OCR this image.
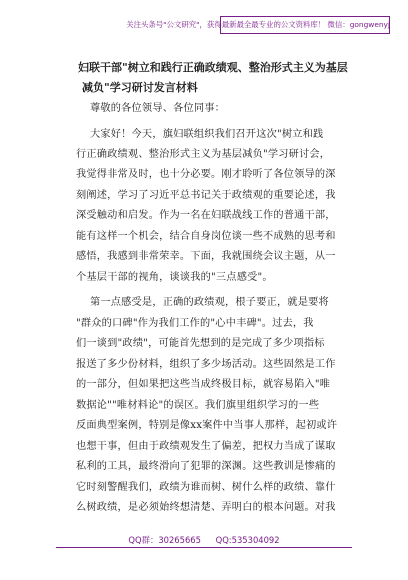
关注头条号"公文研究"，获得最新最全最专业的公文资料库！ 微信：gongwenyj
妇联干部"树立和践行正确政绩观、整治形式主义为基层
减负"学习研讨发言材料
尊敬的各位领导、各位同事：
大家好！今天，旗妇联组织我们召开这次"树立和践
行正确政绩观、整治形式主义为基层减负"学习研讨会，
我觉得非常及时，也十分必要。刚才聆听了各位领导的深
刻阐述，学习了习近平总书记关于政绩观的重要论述，我
深受触动和启发。作为一名在妇联战线工作的普通干部，
能有这样一个机会，结合自身岗位谈一些不成熟的思考和
感悟，我感到非常荣幸。下面，我就围绕会议主题，从一
个基层干部的视角，谈谈我的"三点感受"。
第一点感受是，正确的政绩观，根子要正，就是要将
"群众的口碑"作为我们工作的"心中丰碑"。过去，我
们一谈到"政绩"，可能首先想到的是完成了多少项指标
报送了多少份材料，组织了多少场活动。这些固然是工作
的一部分，但如果把这些当成终极目标，就容易陷入"唯
数据论""唯材料论"的误区。我们旗里组织学习的一些
反面典型案例，特别是像xx案件中当事人那样，起初或许
也想干事，但由于政绩观发生了偏差，把权力当成了谋取
私利的工具，最终滑向了犯罪的深渊。这些教训是惨痛的
它时刻警醒我们，政绩为谁而树、树什么样的政绩、靠什
么树政绩，是必须始终想清楚、弄明白的根本问题。对我
QQ群：30265665 QQ:535304092
